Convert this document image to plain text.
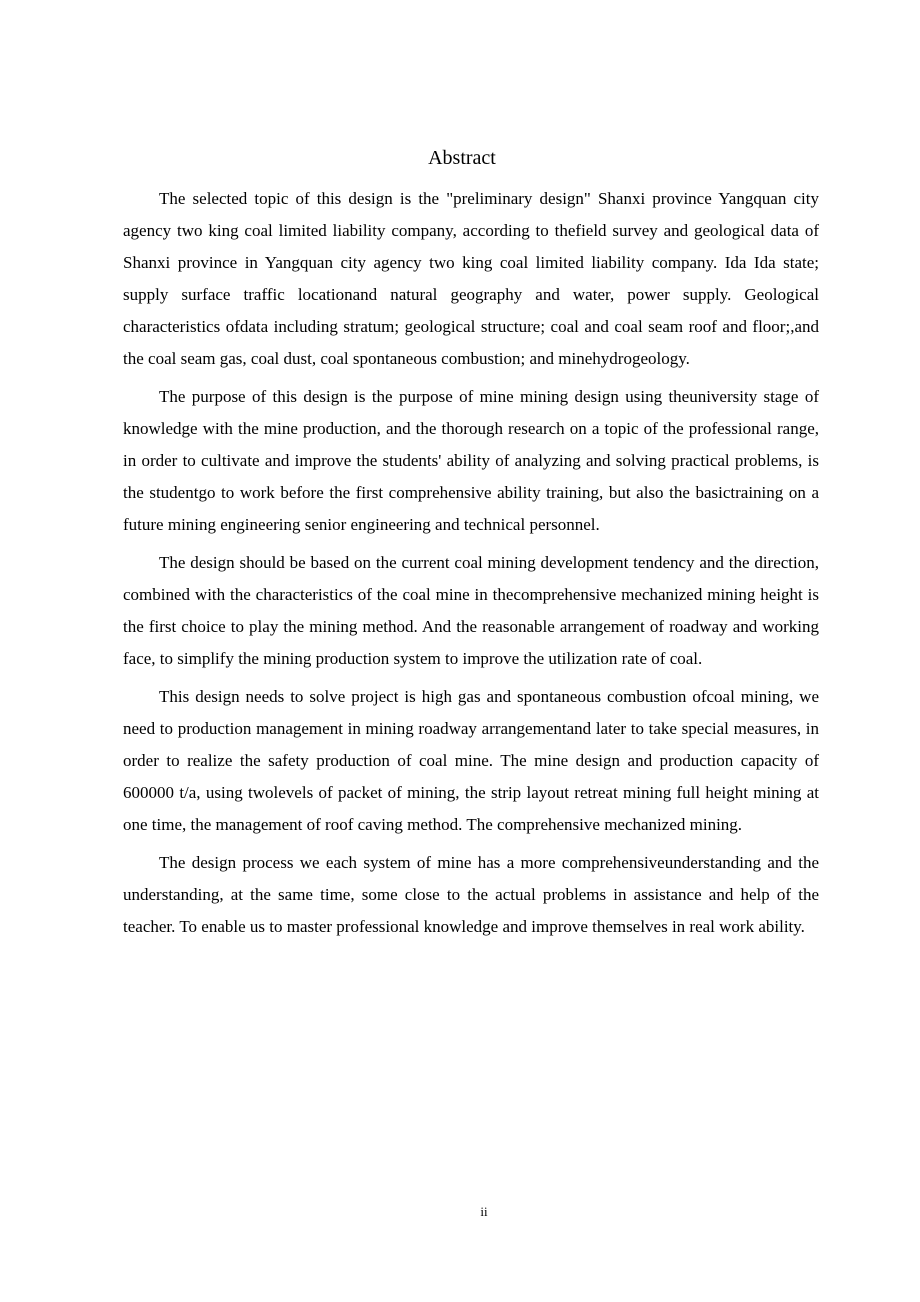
Abstract

The selected topic of this design is the "preliminary design" Shanxi province Yangquan city agency two king coal limited liability company, according to thefield survey and geological data of Shanxi province in Yangquan city agency two king coal limited liability company. Ida Ida state; supply surface traffic locationand natural geography and water, power supply. Geological characteristics ofdata including stratum; geological structure; coal and coal seam roof and floor;,and the coal seam gas, coal dust, coal spontaneous combustion; and minehydrogeology.

The purpose of this design is the purpose of mine mining design using theuniversity stage of knowledge with the mine production, and the thorough research on a topic of the professional range, in order to cultivate and improve the students' ability of analyzing and solving practical problems, is the studentgo to work before the first comprehensive ability training, but also the basictraining on a future mining engineering senior engineering and technical personnel.

The design should be based on the current coal mining development tendency and the direction, combined with the characteristics of the coal mine in thecomprehensive mechanized mining height is the first choice to play the mining method. And the reasonable arrangement of roadway and working face, to simplify the mining production system to improve the utilization rate of coal.

This design needs to solve project is high gas and spontaneous combustion ofcoal mining, we need to production management in mining roadway arrangementand later to take special measures, in order to realize the safety production of coal mine. The mine design and production capacity of 600000 t/a, using twolevels of packet of mining, the strip layout retreat mining full height mining at one time, the management of roof caving method. The comprehensive mechanized mining.

The design process we each system of mine has a more comprehensiveunderstanding and the understanding, at the same time, some close to the actual problems in assistance and help of the teacher. To enable us to master professional knowledge and improve themselves in real work ability.

ii
